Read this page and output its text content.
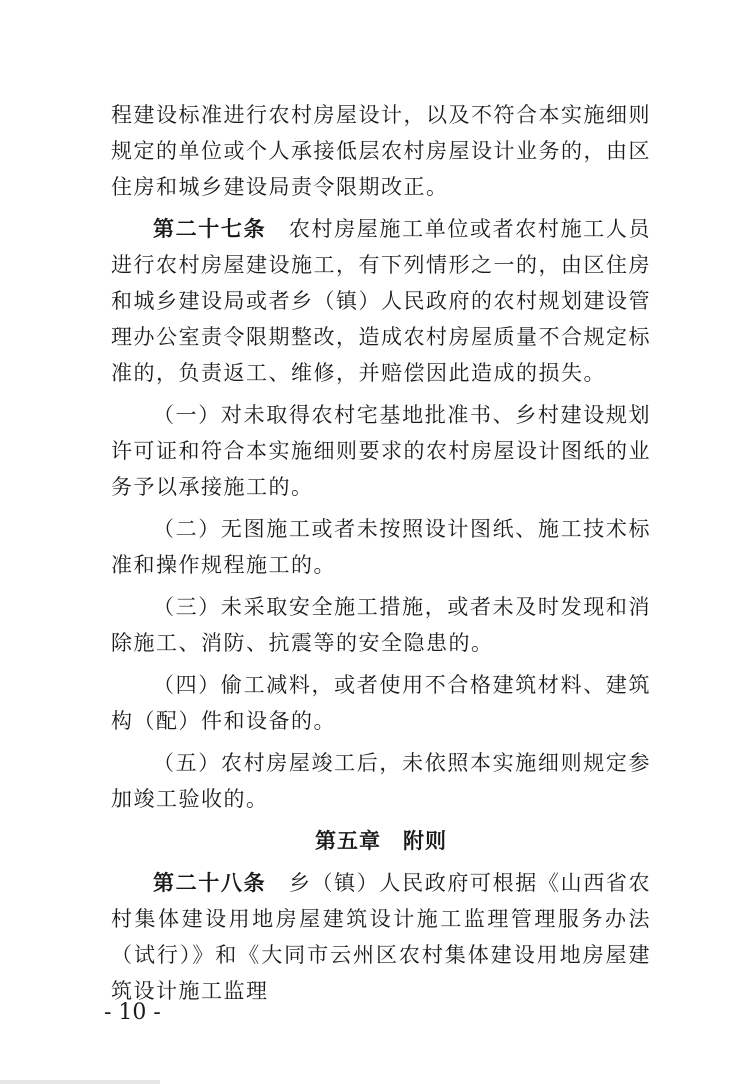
程建设标准进行农村房屋设计，以及不符合本实施细则规定的单位或个人承接低层农村房屋设计业务的，由区住房和城乡建设局责令限期改正。

第二十七条　农村房屋施工单位或者农村施工人员进行农村房屋建设施工，有下列情形之一的，由区住房和城乡建设局或者乡（镇）人民政府的农村规划建设管理办公室责令限期整改，造成农村房屋质量不合规定标准的，负责返工、维修，并赔偿因此造成的损失。

（一）对未取得农村宅基地批准书、乡村建设规划许可证和符合本实施细则要求的农村房屋设计图纸的业务予以承接施工的。

（二）无图施工或者未按照设计图纸、施工技术标准和操作规程施工的。

（三）未采取安全施工措施，或者未及时发现和消除施工、消防、抗震等的安全隐患的。

（四）偷工减料，或者使用不合格建筑材料、建筑构（配）件和设备的。

（五）农村房屋竣工后，未依照本实施细则规定参加竣工验收的。

第五章　附则

第二十八条　乡（镇）人民政府可根据《山西省农村集体建设用地房屋建筑设计施工监理管理服务办法（试行）》和《大同市云州区农村集体建设用地房屋建筑设计施工监理

- 10 -
